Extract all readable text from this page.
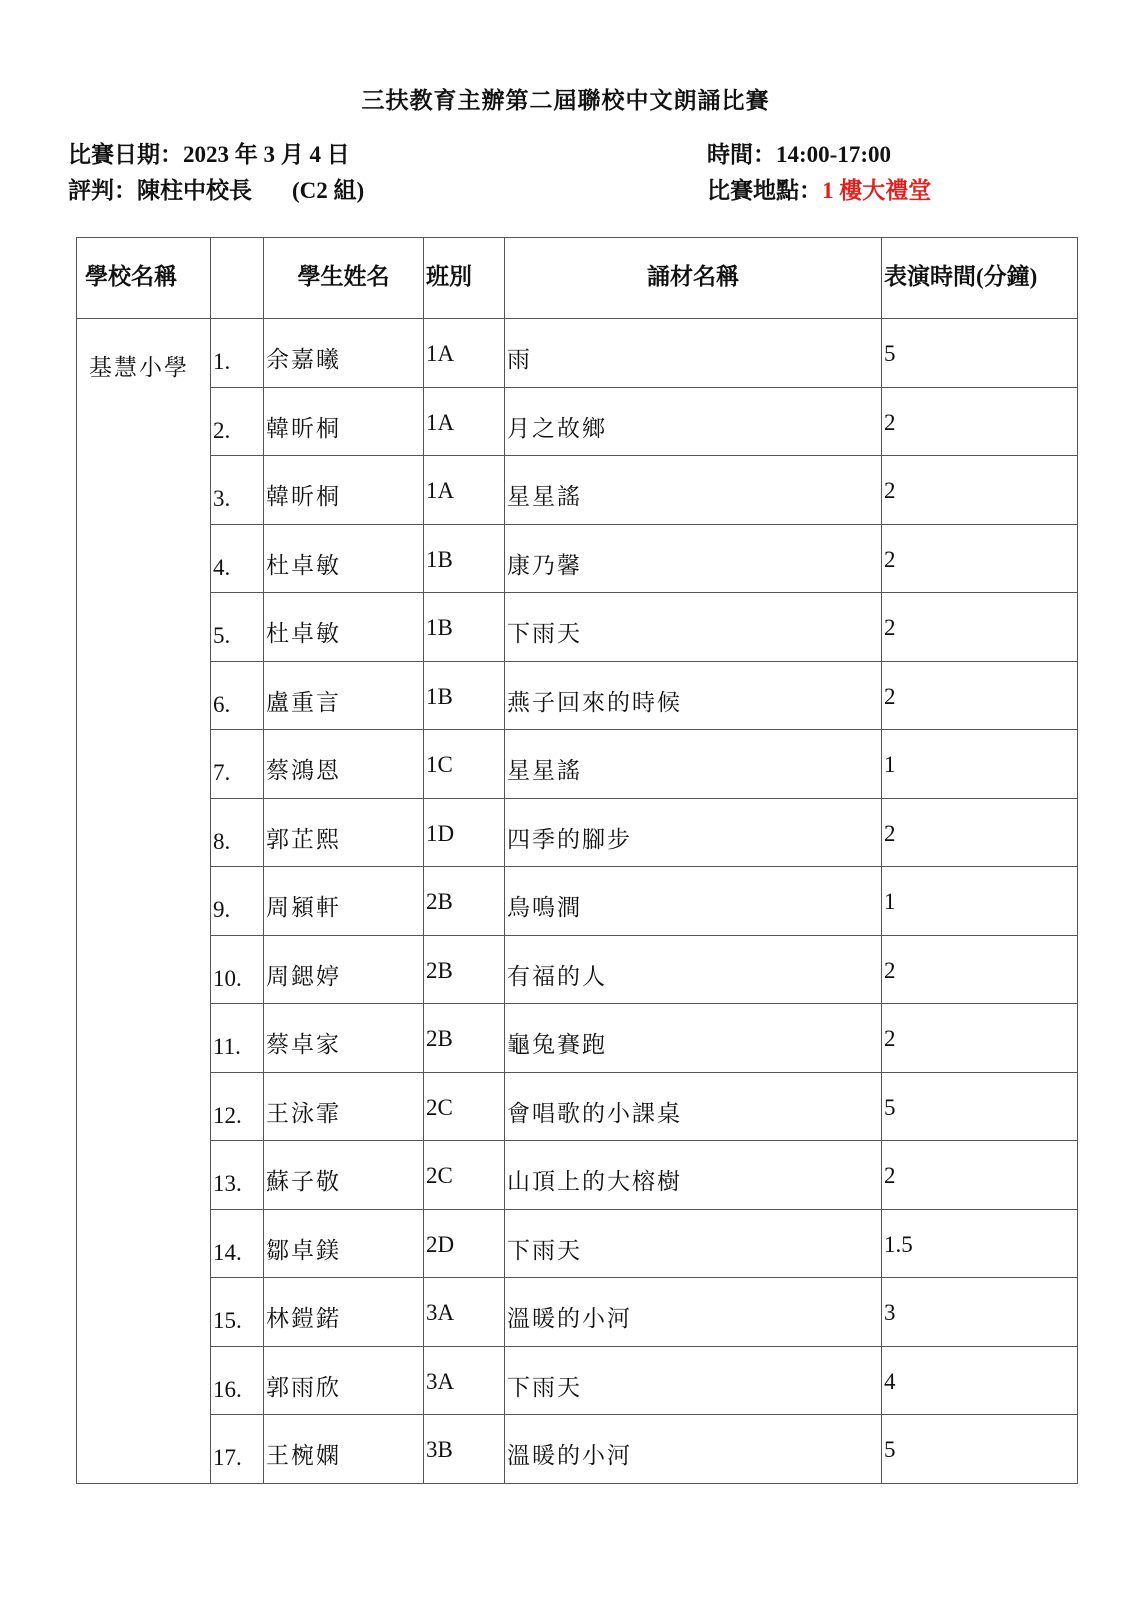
三扶教育主辦第二屆聯校中文朗誦比賽
比賽日期：2023 年 3 月 4 日
評判：陳柱中校長 (C2 組)
時間：14:00-17:00
比賽地點：1 樓大禮堂
學校名稱		學生姓名	班別	誦材名稱	表演時間(分鐘)
基慧小學	1.	余嘉曦	1A	雨	5

	2.	韓昕桐	1A	月之故鄉	2

	3.	韓昕桐	1A	星星謠	2

	4.	杜卓敏	1B	康乃馨	2

	5.	杜卓敏	1B	下雨天	2

	6.	盧重言	1B	燕子回來的時候	2

	7.	蔡鴻恩	1C	星星謠	1

	8.	郭芷熙	1D	四季的腳步	2

	9.	周潁軒	2B	鳥鳴澗	1

	10.	周鍶婷	2B	有福的人	2

	11.	蔡卓家	2B	龜兔賽跑	2

	12.	王泳霏	2C	會唱歌的小課桌	5

	13.	蘇子敬	2C	山頂上的大榕樹	2

	14.	鄒卓鎂	2D	下雨天	1.5

	15.	林鎧鍩	3A	溫暖的小河	3

	16.	郭雨欣	3A	下雨天	4

	17.	王椀嫻	3B	溫暖的小河	5
